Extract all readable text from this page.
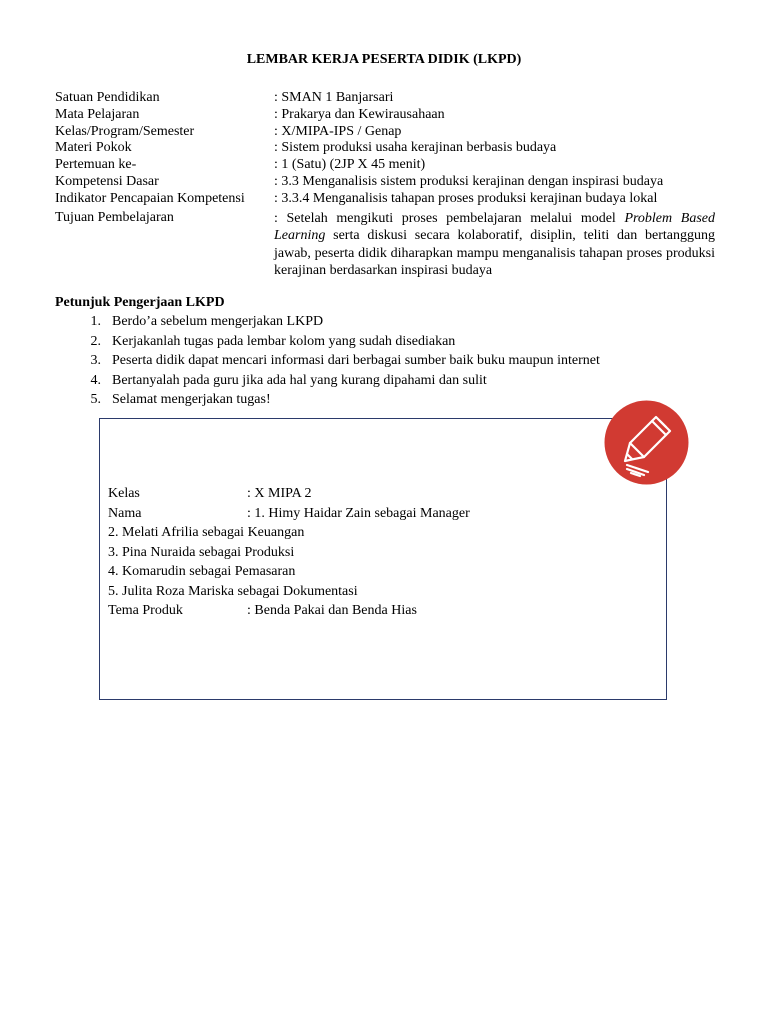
LEMBAR KERJA PESERTA DIDIK (LKPD)
Satuan Pendidikan	: SMAN 1 Banjarsari
Mata Pelajaran	: Prakarya dan Kewirausahaan
Kelas/Program/Semester	: X/MIPA-IPS / Genap
Materi Pokok	: Sistem produksi usaha kerajinan berbasis budaya
Pertemuan ke-	: 1 (Satu) (2JP X 45 menit)
Kompetensi Dasar	: 3.3 Menganalisis sistem produksi kerajinan dengan inspirasi budaya
Indikator Pencapaian Kompetensi	: 3.3.4 Menganalisis tahapan proses produksi kerajinan budaya lokal
Tujuan Pembelajaran	: Setelah mengikuti proses pembelajaran melalui model Problem Based Learning serta diskusi secara kolaboratif, disiplin, teliti dan bertanggung jawab, peserta didik diharapkan mampu menganalisis tahapan proses produksi kerajinan berdasarkan inspirasi budaya
Petunjuk Pengerjaan LKPD
1. Berdo’a sebelum mengerjakan LKPD
2. Kerjakanlah tugas pada lembar kolom yang sudah disediakan
3. Peserta didik dapat mencari informasi dari berbagai sumber baik buku maupun internet
4. Bertanyalah pada guru jika ada hal yang kurang dipahami dan sulit
5. Selamat mengerjakan tugas!
Kelas	: X MIPA 2
Nama	: 1. Himy Haidar Zain sebagai Manager
2. Melati Afrilia sebagai Keuangan
3. Pina Nuraida sebagai Produksi
4. Komarudin sebagai Pemasaran
5. Julita Roza Mariska sebagai Dokumentasi
Tema Produk	: Benda Pakai dan Benda Hias
